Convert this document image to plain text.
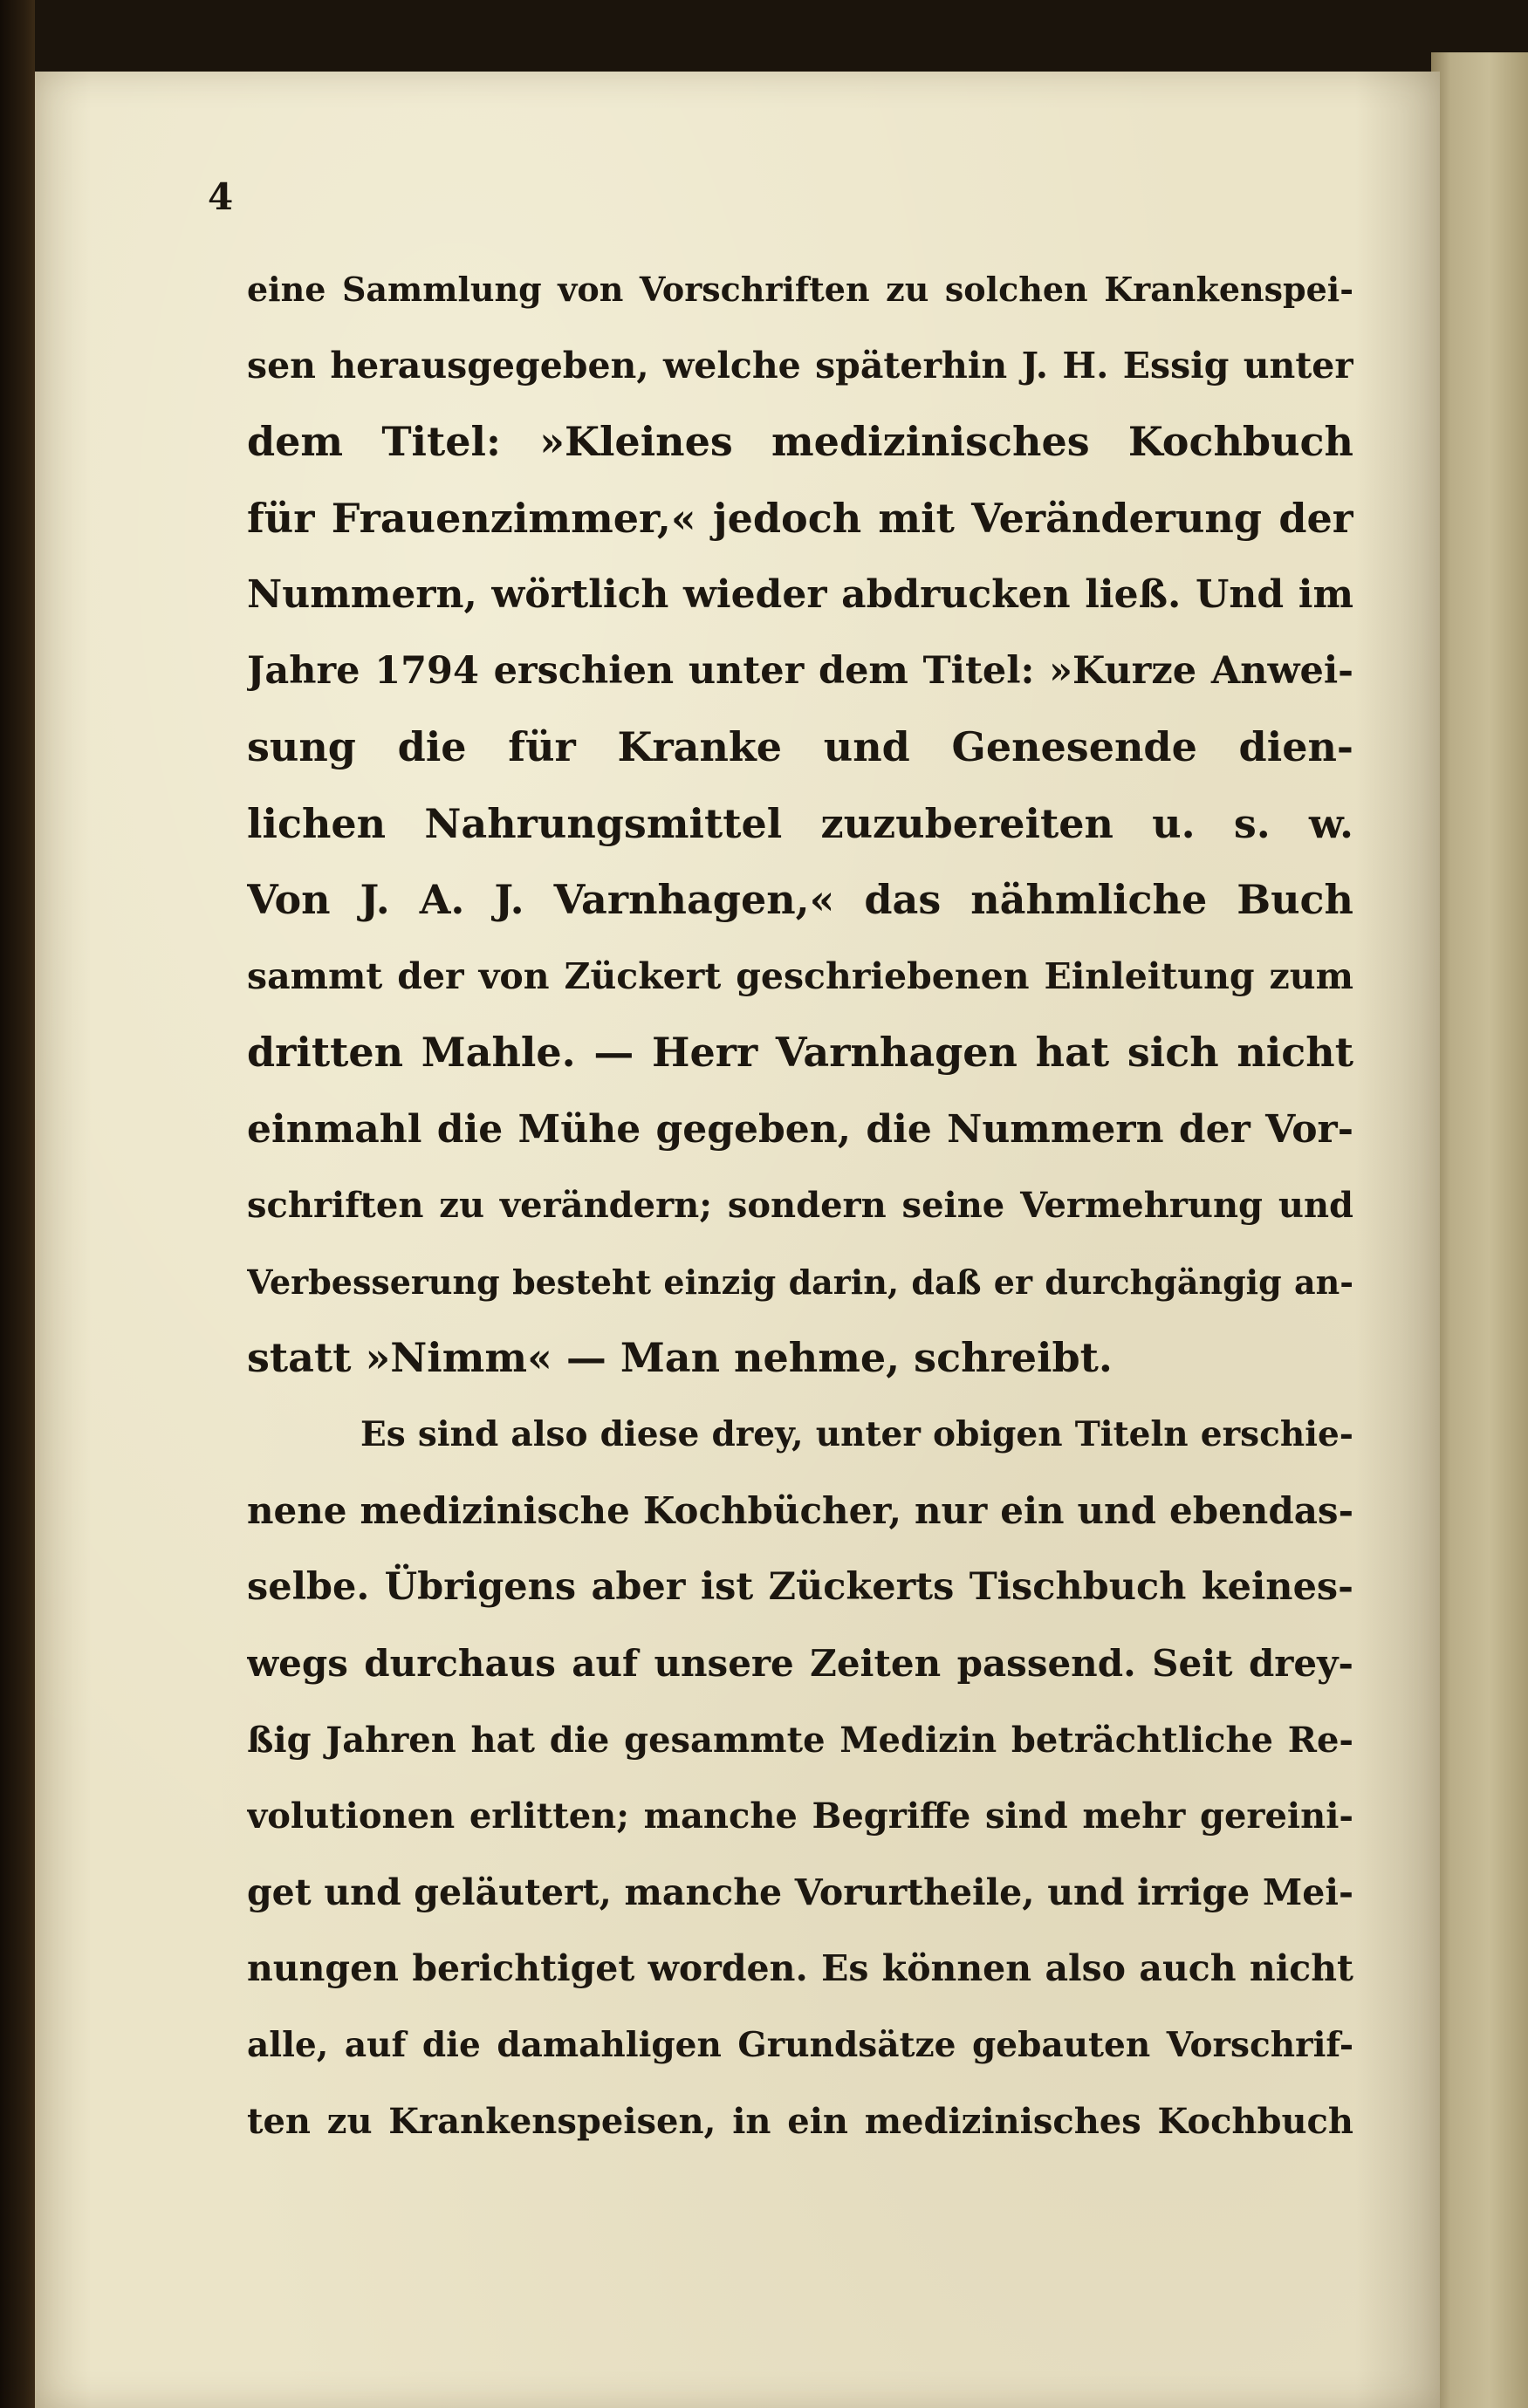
4
eine Sammlung von Vorschriften zu solchen Krankenspei-
sen herausgegeben, welche späterhin J. H. Essig unter
dem Titel: »Kleines medizinisches Kochbuch
für Frauenzimmer,« jedoch mit Veränderung der
Nummern, wörtlich wieder abdrucken ließ. Und im
Jahre 1794 erschien unter dem Titel: »Kurze Anwei-
sung die für Kranke und Genesende dien-
lichen Nahrungsmittel zuzubereiten u. s. w.
Von J. A. J. Varnhagen,« das nähmliche Buch
sammt der von Zückert geschriebenen Einleitung zum
dritten Mahle. — Herr Varnhagen hat sich nicht
einmahl die Mühe gegeben, die Nummern der Vor-
schriften zu verändern; sondern seine Vermehrung und
Verbesserung besteht einzig darin, daß er durchgängig an-
statt »Nimm« — Man nehme, schreibt.
Es sind also diese drey, unter obigen Titeln erschie-
nene medizinische Kochbücher, nur ein und ebendas-
selbe. Übrigens aber ist Zückerts Tischbuch keines-
wegs durchaus auf unsere Zeiten passend. Seit drey-
ßig Jahren hat die gesammte Medizin beträchtliche Re-
volutionen erlitten; manche Begriffe sind mehr gereini-
get und geläutert, manche Vorurtheile, und irrige Mei-
nungen berichtiget worden. Es können also auch nicht
alle, auf die damahligen Grundsätze gebauten Vorschrif-
ten zu Krankenspeisen, in ein medizinisches Kochbuch
